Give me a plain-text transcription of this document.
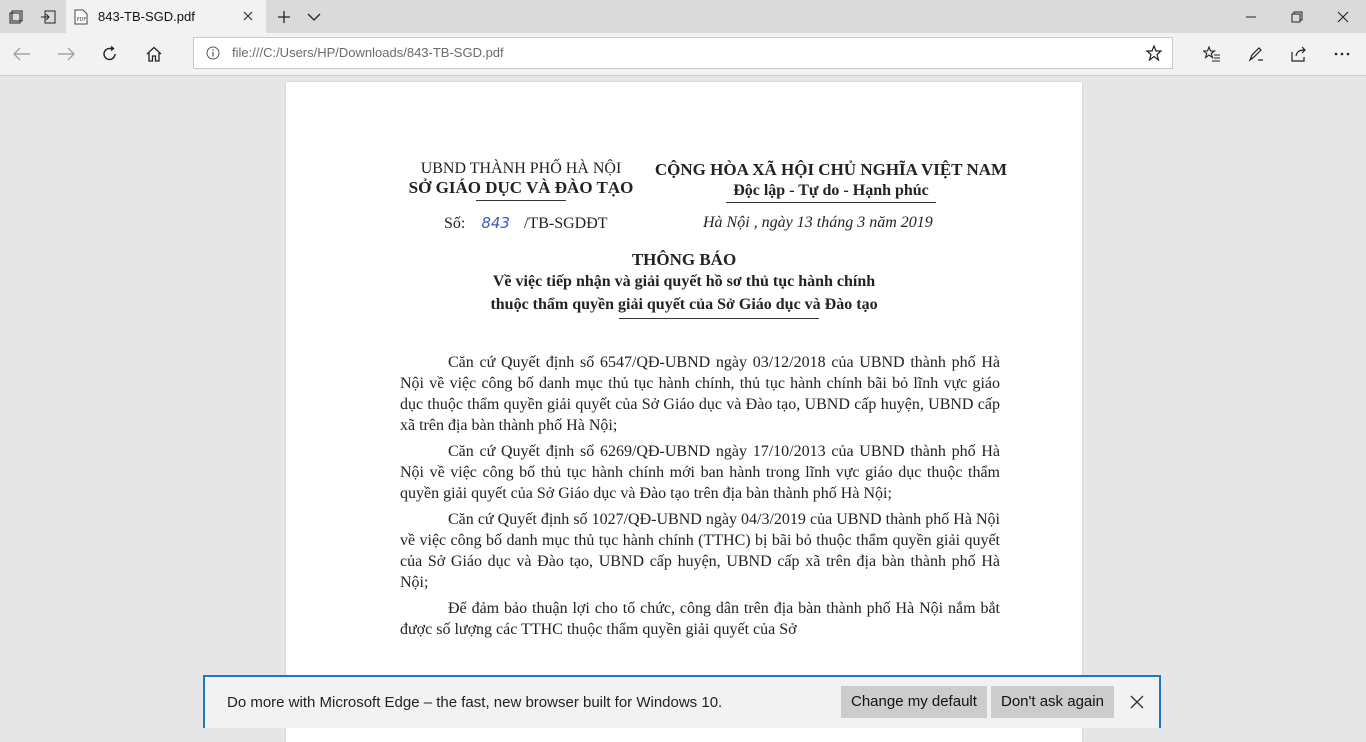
PDF 843-TB-SGD.pdf
file:///C:/Users/HP/Downloads/843-TB-SGD.pdf
UBND THÀNH PHỐ HÀ NỘI
SỞ GIÁO DỤC VÀ ĐÀO TẠO
CỘNG HÒA XÃ HỘI CHỦ NGHĨA VIỆT NAM
Độc lập - Tự do - Hạnh phúc
Số: 843 /TB-SGDĐT	Hà Nội , ngày 13 tháng 3 năm 2019
THÔNG BÁO
Về việc tiếp nhận và giải quyết hồ sơ thủ tục hành chính
thuộc thẩm quyền giải quyết của Sở Giáo dục và Đào tạo

Căn cứ Quyết định số 6547/QĐ-UBND ngày 03/12/2018 của UBND thành phố Hà Nội về việc công bố danh mục thủ tục hành chính, thủ tục hành chính bãi bỏ lĩnh vực giáo dục thuộc thẩm quyền giải quyết của Sở Giáo dục và Đào tạo, UBND cấp huyện, UBND cấp xã trên địa bàn thành phố Hà Nội;

Căn cứ Quyết định số 6269/QĐ-UBND ngày 17/10/2013 của UBND thành phố Hà Nội về việc công bố thủ tục hành chính mới ban hành trong lĩnh vực giáo dục thuộc thẩm quyền giải quyết của Sở Giáo dục và Đào tạo trên địa bàn thành phố Hà Nội;

Căn cứ Quyết định số 1027/QĐ-UBND ngày 04/3/2019 của UBND thành phố Hà Nội về việc công bố danh mục thủ tục hành chính (TTHC) bị bãi bỏ thuộc thẩm quyền giải quyết của Sở Giáo dục và Đào tạo, UBND cấp huyện, UBND cấp xã trên địa bàn thành phố Hà Nội;

Để đảm bảo thuận lợi cho tổ chức, công dân trên địa bàn thành phố Hà Nội nắm bắt được số lượng các TTHC thuộc thẩm quyền giải quyết của Sở

Do more with Microsoft Edge – the fast, new browser built for Windows 10.	Change my default	Don't ask again
